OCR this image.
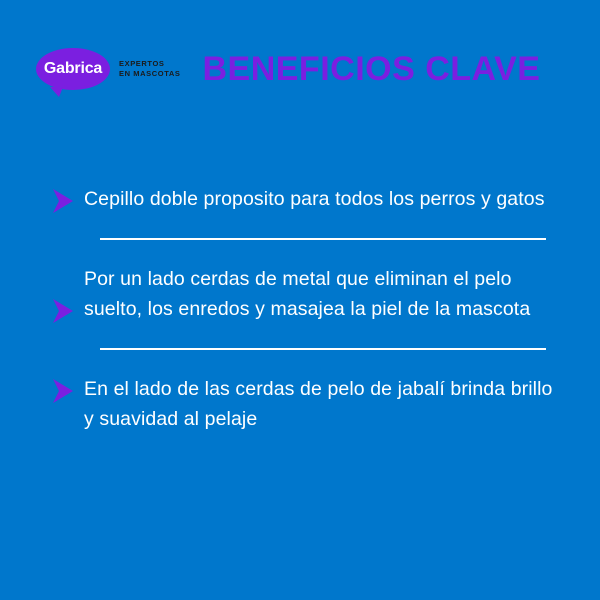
Gabrica EXPERTOS
EN MASCOTAS BENEFICIOS CLAVE
Cepillo doble proposito para todos los perros y gatos
Por un lado cerdas de metal que eliminan el pelo suelto, los enredos y masajea la piel de la mascota
En el lado de las cerdas de pelo de jabalí brinda brillo y suavidad al pelaje
